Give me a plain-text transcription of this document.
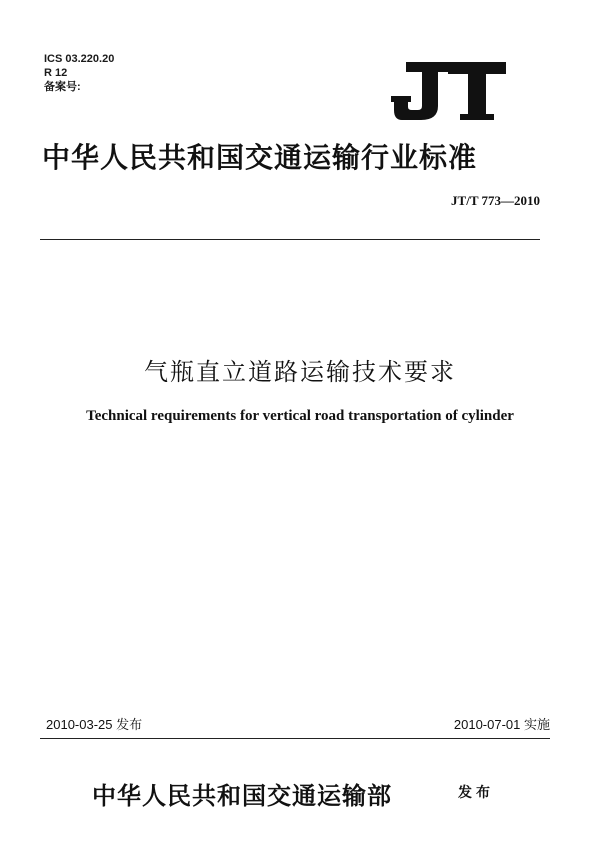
ICS 03.220.20
R 12
备案号:
中华人民共和国交通运输行业标准
JT/T 773—2010
气瓶直立道路运输技术要求
Technical requirements for vertical road transportation of cylinder
2010-03-25 发布	2010-07-01 实施
中华人民共和国交通运输部	发布
